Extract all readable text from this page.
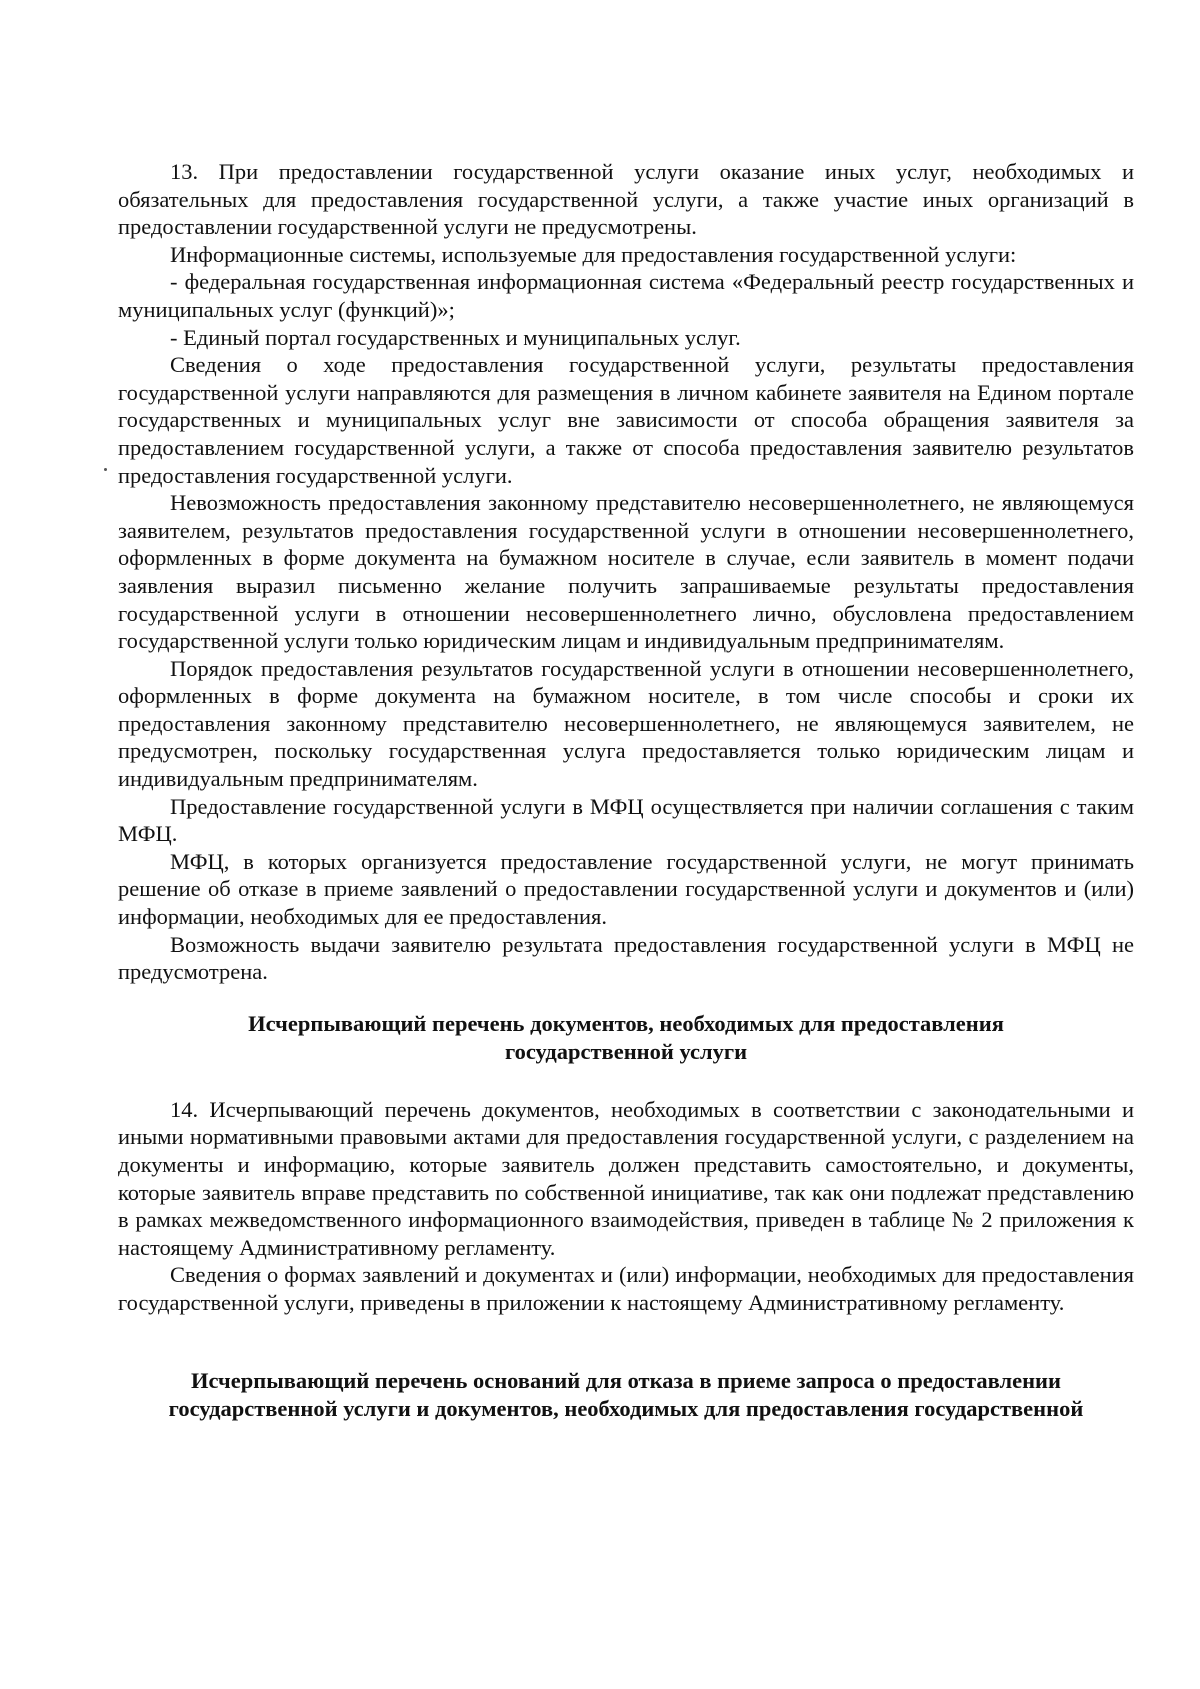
13. При предоставлении государственной услуги оказание иных услуг, необходимых и обязательных для предоставления государственной услуги, а также участие иных организаций в предоставлении государственной услуги не предусмотрены.

Информационные системы, используемые для предоставления государственной услуги:

- федеральная государственная информационная система «Федеральный реестр государственных и муниципальных услуг (функций)»;

- Единый портал государственных и муниципальных услуг.

Сведения о ходе предоставления государственной услуги, результаты предоставления государственной услуги направляются для размещения в личном кабинете заявителя на Едином портале государственных и муниципальных услуг вне зависимости от способа обращения заявителя за предоставлением государственной услуги, а также от способа предоставления заявителю результатов предоставления государственной услуги.

Невозможность предоставления законному представителю несовершеннолетнего, не являющемуся заявителем, результатов предоставления государственной услуги в отношении несовершеннолетнего, оформленных в форме документа на бумажном носителе в случае, если заявитель в момент подачи заявления выразил письменно желание получить запрашиваемые результаты предоставления государственной услуги в отношении несовершеннолетнего лично, обусловлена предоставлением государственной услуги только юридическим лицам и индивидуальным предпринимателям.

Порядок предоставления результатов государственной услуги в отношении несовершеннолетнего, оформленных в форме документа на бумажном носителе, в том числе способы и сроки их предоставления законному представителю несовершеннолетнего, не являющемуся заявителем, не предусмотрен, поскольку государственная услуга предоставляется только юридическим лицам и индивидуальным предпринимателям.

Предоставление государственной услуги в МФЦ осуществляется при наличии соглашения с таким МФЦ.

МФЦ, в которых организуется предоставление государственной услуги, не могут принимать решение об отказе в приеме заявлений о предоставлении государственной услуги и документов и (или) информации, необходимых для ее предоставления.

Возможность выдачи заявителю результата предоставления государственной услуги в МФЦ не предусмотрена.

Исчерпывающий перечень документов, необходимых для предоставления

государственной услуги

14. Исчерпывающий перечень документов, необходимых в соответствии с законодательными и иными нормативными правовыми актами для предоставления государственной услуги, с разделением на документы и информацию, которые заявитель должен представить самостоятельно, и документы, которые заявитель вправе представить по собственной инициативе, так как они подлежат представлению в рамках межведомственного информационного взаимодействия, приведен в таблице № 2 приложения к настоящему Административному регламенту.

Сведения о формах заявлений и документах и (или) информации, необходимых для предоставления государственной услуги, приведены в приложении к настоящему Административному регламенту.

Исчерпывающий перечень оснований для отказа в приеме запроса о предоставлении

государственной услуги и документов, необходимых для предоставления государственной
